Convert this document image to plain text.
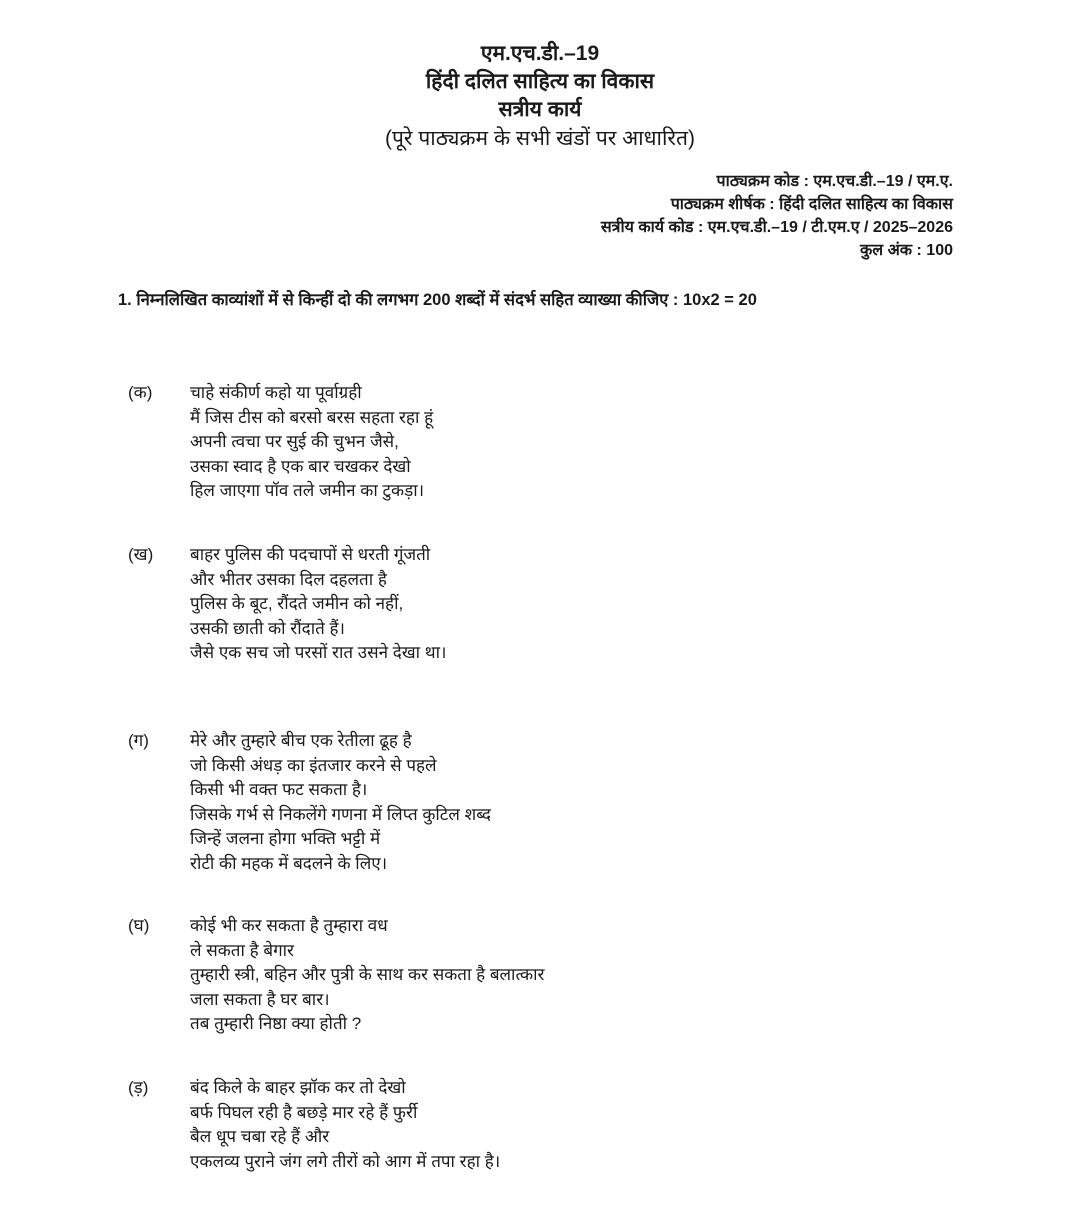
एम.एच.डी.–19
हिंदी दलित साहित्य का विकास
सत्रीय कार्य
(पूरे पाठ्यक्रम के सभी खंडों पर आधारित)
पाठ्यक्रम कोड : एम.एच.डी.–19 / एम.ए.
पाठ्यक्रम शीर्षक : हिंदी दलित साहित्य का विकास
सत्रीय कार्य कोड : एम.एच.डी.–19 / टी.एम.ए / 2025–2026
कुल अंक : 100
1. निम्नलिखित काव्यांशों में से किन्हीं दो की लगभग 200 शब्दों में संदर्भ सहित व्याख्या कीजिए : 10x2 = 20
(क) चाहे संकीर्ण कहो या पूर्वाग्रही
मैं जिस टीस को बरसो बरस सहता रहा हूं
अपनी त्वचा पर सुई की चुभन जैसे,
उसका स्वाद है एक बार चखकर देखो
हिल जाएगा पॉव तले जमीन का टुकड़ा।
(ख) बाहर पुलिस की पदचापों से धरती गूंजती
और भीतर उसका दिल दहलता है
पुलिस के बूट, रौंदते जमीन को नहीं,
उसकी छाती को रौंदाते हैं।
जैसे एक सच जो परसों रात उसने देखा था।
(ग) मेरे और तुम्हारे बीच एक रेतीला ढूह है
जो किसी अंधड़ का इंतजार करने से पहले
किसी भी वक्त फट सकता है।
जिसके गर्भ से निकलेंगे गणना में लिप्त कुटिल शब्द
जिन्हें जलना होगा भक्ति भट्टी में
रोटी की महक में बदलने के लिए।
(घ) कोई भी कर सकता है तुम्हारा वध
ले सकता है बेगार
तुम्हारी स्त्री, बहिन और पुत्री के साथ कर सकता है बलात्कार
जला सकता है घर बार।
तब तुम्हारी निष्ठा क्या होती ?
(ड़) बंद किले के बाहर झॉक कर तो देखो
बर्फ पिघल रही है बछड़े मार रहे हैं फुर्री
बैल धूप चबा रहे हैं और
एकलव्य पुराने जंग लगे तीरों को आग में तपा रहा है।
